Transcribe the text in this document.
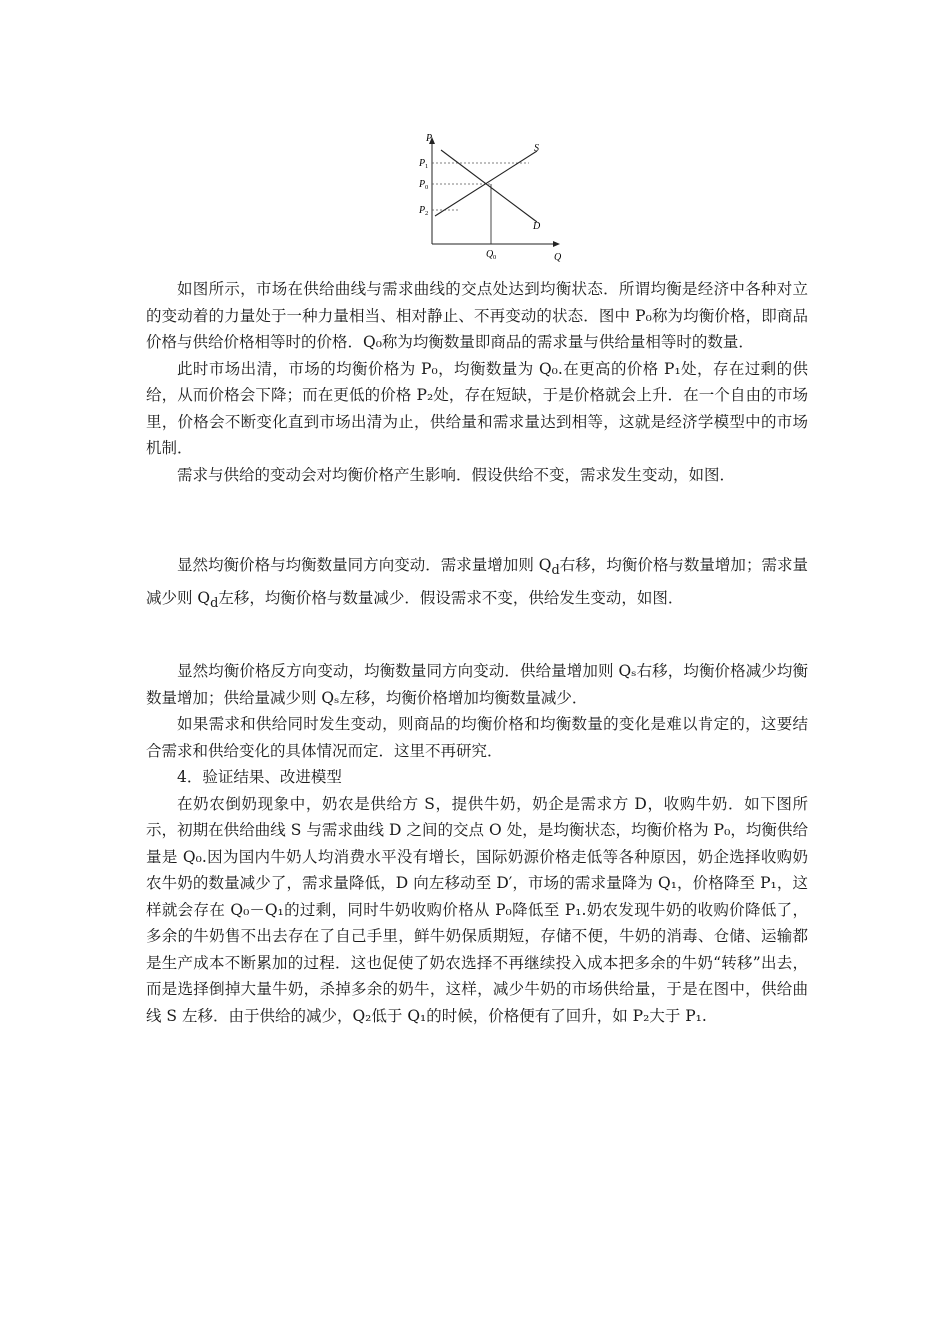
P
Q
P 1
P 0
P 2
Q 0
S
D

如图所示，市场在供给曲线与需求曲线的交点处达到均衡状态．所谓均衡是经济中各种对立的变动着的力量处于一种力量相当、相对静止、不再变动的状态．图中 P₀称为均衡价格，即商品价格与供给价格相等时的价格．Q₀称为均衡数量即商品的需求量与供给量相等时的数量．

此时市场出清，市场的均衡价格为 P₀，均衡数量为 Q₀.在更高的价格 P₁处，存在过剩的供给，从而价格会下降；而在更低的价格 P₂处，存在短缺，于是价格就会上升．在一个自由的市场里，价格会不断变化直到市场出清为止，供给量和需求量达到相等，这就是经济学模型中的市场机制．

需求与供给的变动会对均衡价格产生影响．假设供给不变，需求发生变动，如图．

显然均衡价格与均衡数量同方向变动．需求量增加则 $Q_d$右移，均衡价格与数量增加；需求量减少则 $Q_d$左移，均衡价格与数量减少．假设需求不变，供给发生变动，如图．

显然均衡价格反方向变动，均衡数量同方向变动．供给量增加则 Qₛ右移，均衡价格减少均衡数量增加；供给量减少则 Qₛ左移，均衡价格增加均衡数量减少．

如果需求和供给同时发生变动，则商品的均衡价格和均衡数量的变化是难以肯定的，这要结合需求和供给变化的具体情况而定．这里不再研究．

4．验证结果、改进模型

在奶农倒奶现象中，奶农是供给方 S，提供牛奶，奶企是需求方 D，收购牛奶．如下图所示，初期在供给曲线 S 与需求曲线 D 之间的交点 O 处，是均衡状态，均衡价格为 P₀，均衡供给量是 Q₀.因为国内牛奶人均消费水平没有增长，国际奶源价格走低等各种原因，奶企选择收购奶农牛奶的数量减少了，需求量降低，D 向左移动至 D′，市场的需求量降为 Q₁，价格降至 P₁，这样就会存在 Q₀－Q₁的过剩，同时牛奶收购价格从 P₀降低至 P₁.奶农发现牛奶的收购价降低了，多余的牛奶售不出去存在了自己手里，鲜牛奶保质期短，存储不便，牛奶的消毒、仓储、运输都是生产成本不断累加的过程．这也促使了奶农选择不再继续投入成本把多余的牛奶“转移”出去，而是选择倒掉大量牛奶，杀掉多余的奶牛，这样，减少牛奶的市场供给量，于是在图中，供给曲线 S 左移．由于供给的减少，Q₂低于 Q₁的时候，价格便有了回升，如 P₂大于 P₁.
